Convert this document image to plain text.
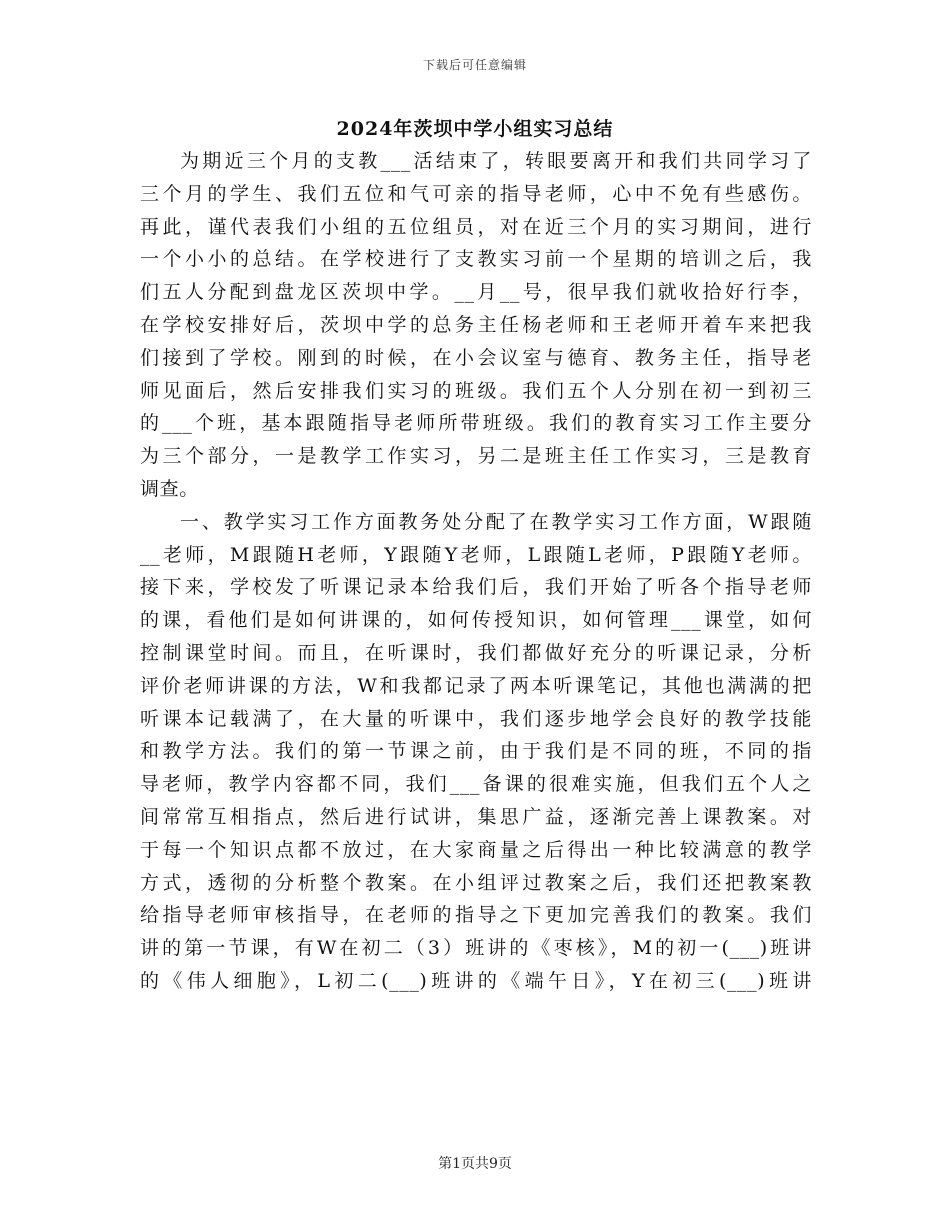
下载后可任意编辑
2024年茨坝中学小组实习总结
为期近三个月的支教___活结束了，转眼要离开和我们共同学习了
三个月的学生、我们五位和气可亲的指导老师，心中不免有些感伤。
再此，谨代表我们小组的五位组员，对在近三个月的实习期间，进行
一个小小的总结。在学校进行了支教实习前一个星期的培训之后，我
们五人分配到盘龙区茨坝中学。__月__号，很早我们就收拾好行李，
在学校安排好后，茨坝中学的总务主任杨老师和王老师开着车来把我
们接到了学校。刚到的时候，在小会议室与德育、教务主任，指导老
师见面后，然后安排我们实习的班级。我们五个人分别在初一到初三
的___个班，基本跟随指导老师所带班级。我们的教育实习工作主要分
为三个部分，一是教学工作实习，另二是班主任工作实习，三是教育
调查。
一、教学实习工作方面教务处分配了在教学实习工作方面，W跟随
__老师，M跟随H老师，Y跟随Y老师，L跟随L老师，P跟随Y老师。
接下来，学校发了听课记录本给我们后，我们开始了听各个指导老师
的课，看他们是如何讲课的，如何传授知识，如何管理___课堂，如何
控制课堂时间。而且，在听课时，我们都做好充分的听课记录，分析
评价老师讲课的方法，W和我都记录了两本听课笔记，其他也满满的把
听课本记载满了，在大量的听课中，我们逐步地学会良好的教学技能
和教学方法。我们的第一节课之前，由于我们是不同的班，不同的指
导老师，教学内容都不同，我们___备课的很难实施，但我们五个人之
间常常互相指点，然后进行试讲，集思广益，逐渐完善上课教案。对
于每一个知识点都不放过，在大家商量之后得出一种比较满意的教学
方式，透彻的分析整个教案。在小组评过教案之后，我们还把教案教
给指导老师审核指导，在老师的指导之下更加完善我们的教案。我们
讲的第一节课，有W在初二（3）班讲的《枣核》，M的初一(___)班讲
的《伟人细胞》，L初二(___)班讲的《端午日》，Y在初三(___)班讲
第1页共9页
